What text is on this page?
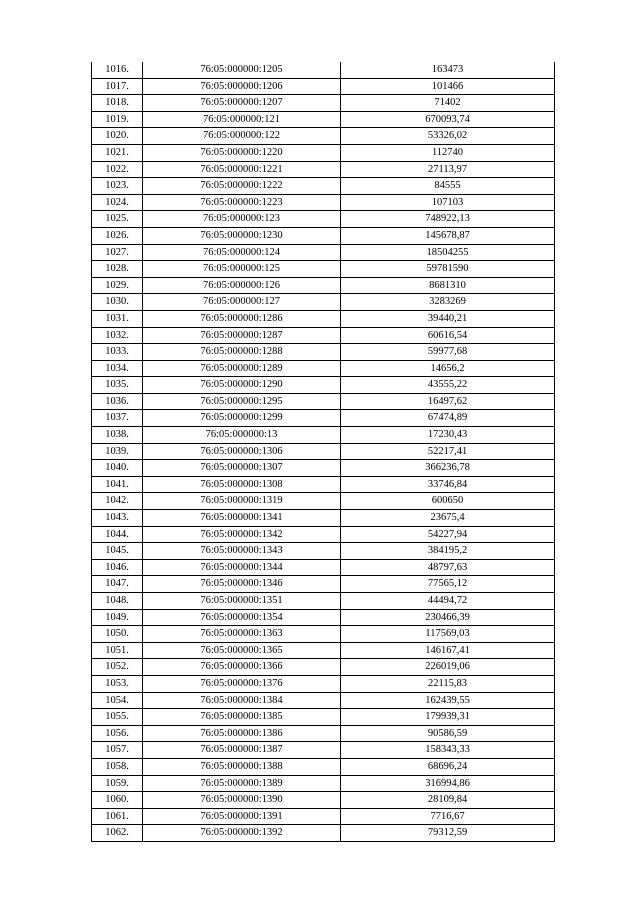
1016.	76:05:000000:1205	163473
1017.	76:05:000000:1206	101466
1018.	76:05:000000:1207	71402
1019.	76:05:000000:121	670093,74
1020.	76:05:000000:122	53326,02
1021.	76:05:000000:1220	112740
1022.	76:05:000000:1221	27113,97
1023.	76:05:000000:1222	84555
1024.	76:05:000000:1223	107103
1025.	76:05:000000:123	748922,13
1026.	76:05:000000:1230	145678,87
1027.	76:05:000000:124	18504255
1028.	76:05:000000:125	59781590
1029.	76:05:000000:126	8681310
1030.	76:05:000000:127	3283269
1031.	76:05:000000:1286	39440,21
1032.	76:05:000000:1287	60616,54
1033.	76:05:000000:1288	59977,68
1034.	76:05:000000:1289	14656,2
1035.	76:05:000000:1290	43555,22
1036.	76:05:000000:1295	16497,62
1037.	76:05:000000:1299	67474,89
1038.	76:05:000000:13	17230,43
1039.	76:05:000000:1306	52217,41
1040.	76:05:000000:1307	366236,78
1041.	76:05:000000:1308	33746,84
1042.	76:05:000000:1319	600650
1043.	76:05:000000:1341	23675,4
1044.	76:05:000000:1342	54227,94
1045.	76:05:000000:1343	384195,2
1046.	76:05:000000:1344	48797,63
1047.	76:05:000000:1346	77565,12
1048.	76:05:000000:1351	44494,72
1049.	76:05:000000:1354	230466,39
1050.	76:05:000000:1363	117569,03
1051.	76:05:000000:1365	146167,41
1052.	76:05:000000:1366	226019,06
1053.	76:05:000000:1376	22115,83
1054.	76:05:000000:1384	162439,55
1055.	76:05:000000:1385	179939,31
1056.	76:05:000000:1386	90586,59
1057.	76:05:000000:1387	158343,33
1058.	76:05:000000:1388	68696,24
1059.	76:05:000000:1389	316994,86
1060.	76:05:000000:1390	28109,84
1061.	76:05:000000:1391	7716,67
1062.	76:05:000000:1392	79312,59
